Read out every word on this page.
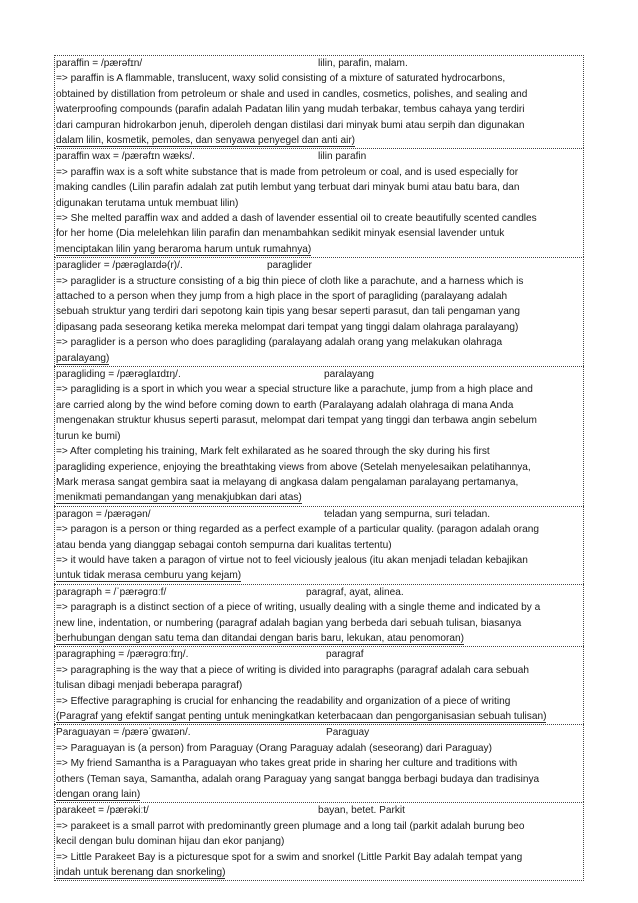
paraffin = /pærəfɪn/	lilin, parafin, malam.
=> paraffin is A flammable, translucent, waxy solid consisting of a mixture of saturated hydrocarbons,
obtained by distillation from petroleum or shale and used in candles, cosmetics, polishes, and sealing and
waterproofing compounds (parafin adalah Padatan lilin yang mudah terbakar, tembus cahaya yang terdiri
dari campuran hidrokarbon jenuh, diperoleh dengan distilasi dari minyak bumi atau serpih dan digunakan
dalam lilin, kosmetik, pemoles, dan senyawa penyegel dan anti air)
paraffin wax = /pærəfɪn wæks/.	lilin parafin
=> paraffin wax is a soft white substance that is made from petroleum or coal, and is used especially for
making candles (Lilin parafin adalah zat putih lembut yang terbuat dari minyak bumi atau batu bara, dan
digunakan terutama untuk membuat lilin)
=> She melted paraffin wax and added a dash of lavender essential oil to create beautifully scented candles
for her home (Dia melelehkan lilin parafin dan menambahkan sedikit minyak esensial lavender untuk
menciptakan lilin yang beraroma harum untuk rumahnya)
paraglider = /pærəglaɪdə(r)/.	paraglider
=> paraglider is a structure consisting of a big thin piece of cloth like a parachute, and a harness which is
attached to a person when they jump from a high place in the sport of paragliding (paralayang adalah
sebuah struktur yang terdiri dari sepotong kain tipis yang besar seperti parasut, dan tali pengaman yang
dipasang pada seseorang ketika mereka melompat dari tempat yang tinggi dalam olahraga paralayang)
=> paraglider is a person who does paragliding (paralayang adalah orang yang melakukan olahraga
paralayang)
paragliding = /pærəglaɪdɪŋ/.	paralayang
=> paragliding is a sport in which you wear a special structure like a parachute, jump from a high place and
are carried along by the wind before coming down to earth (Paralayang adalah olahraga di mana Anda
mengenakan struktur khusus seperti parasut, melompat dari tempat yang tinggi dan terbawa angin sebelum
turun ke bumi)
=> After completing his training, Mark felt exhilarated as he soared through the sky during his first
paragliding experience, enjoying the breathtaking views from above (Setelah menyelesaikan pelatihannya,
Mark merasa sangat gembira saat ia melayang di angkasa dalam pengalaman paralayang pertamanya,
menikmati pemandangan yang menakjubkan dari atas)
paragon = /pærəgən/	teladan yang sempurna, suri teladan.
=> paragon is a person or thing regarded as a perfect example of a particular quality. (paragon adalah orang
atau benda yang dianggap sebagai contoh sempurna dari kualitas tertentu)
=> it would have taken a paragon of virtue not to feel viciously jealous (itu akan menjadi teladan kebajikan
untuk tidak merasa cemburu yang kejam)
paragraph = /ˈpærəgrɑːf/	paragraf, ayat, alinea.
=> paragraph is a distinct section of a piece of writing, usually dealing with a single theme and indicated by a
new line, indentation, or numbering (paragraf adalah bagian yang berbeda dari sebuah tulisan, biasanya
berhubungan dengan satu tema dan ditandai dengan baris baru, lekukan, atau penomoran)
paragraphing = /pærəgrɑːfɪŋ/.	paragraf
=> paragraphing is the way that a piece of writing is divided into paragraphs (paragraf adalah cara sebuah
tulisan dibagi menjadi beberapa paragraf)
=> Effective paragraphing is crucial for enhancing the readability and organization of a piece of writing
(Paragraf yang efektif sangat penting untuk meningkatkan keterbacaan dan pengorganisasian sebuah tulisan)
Paraguayan = /pærəˈgwaɪən/.	Paraguay
=> Paraguayan is (a person) from Paraguay (Orang Paraguay adalah (seseorang) dari Paraguay)
=> My friend Samantha is a Paraguayan who takes great pride in sharing her culture and traditions with
others (Teman saya, Samantha, adalah orang Paraguay yang sangat bangga berbagi budaya dan tradisinya
dengan orang lain)
parakeet = /pærəkiːt/	bayan, betet. Parkit
=> parakeet is a small parrot with predominantly green plumage and a long tail (parkit adalah burung beo
kecil dengan bulu dominan hijau dan ekor panjang)
=> Little Parakeet Bay is a picturesque spot for a swim and snorkel (Little Parkit Bay adalah tempat yang
indah untuk berenang dan snorkeling)
